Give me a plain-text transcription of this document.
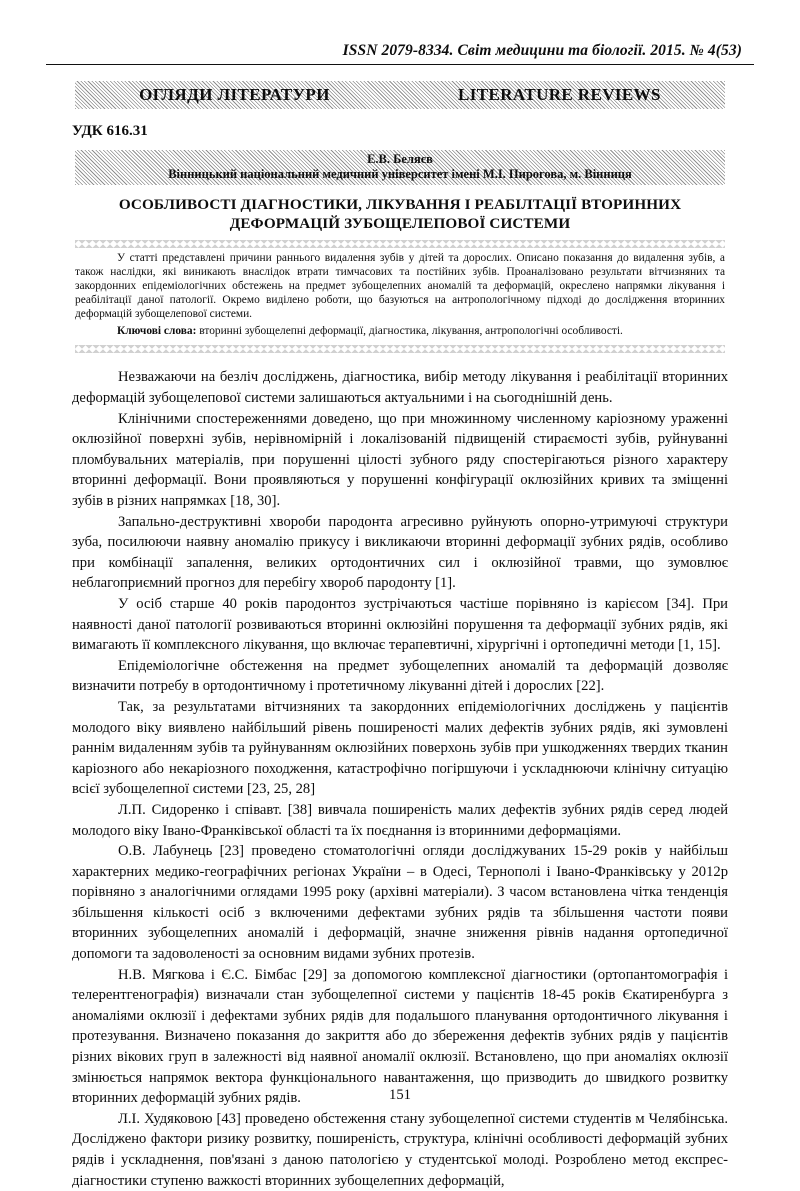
ISSN 2079-8334. Світ медицини та біології. 2015. № 4(53)
ОГЛЯДИ ЛІТЕРАТУРИ	LITERATURE REVIEWS
УДК 616.31
Е.В. Беляєв
Вінницький національний медичний університет імені М.І. Пирогова, м. Вінниця
ОСОБЛИВОСТІ ДІАГНОСТИКИ, ЛІКУВАННЯ І РЕАБІЛТАЦІЇ ВТОРИННИХ
ДЕФОРМАЦІЙ ЗУБОЩЕЛЕПОВОЇ СИСТЕМИ
У статті представлені причини раннього видалення зубів у дітей та дорослих. Описано показання до видалення зубів, а також наслідки, які виникають внаслідок втрати тимчасових та постійних зубів. Проаналізовано результати вітчизняних та закордонних епідеміологічних обстежень на предмет зубощелепних аномалій та деформацій, окреслено напрямки лікування і реабілітації даної патології. Окремо виділено роботи, що базуються на антропологічному підході до дослідження вторинних деформацій зубощелепової системи.
Ключові слова: вторинні зубощелепні деформації, діагностика, лікування, антропологічні особливості.

Незважаючи на безліч досліджень, діагностика, вибір методу лікування і реабілітації вторинних деформацій зубощелепової системи залишаються актуальними і на сьогоднішній день.

Клінічними спостереженнями доведено, що при множинному численному каріозному ураженні оклюзійної поверхні зубів, нерівномірній і локалізованій підвищеній стираємості зубів, руйнуванні пломбувальних матеріалів, при порушенні цілості зубного ряду спостерігаються різного характеру вторинні деформації. Вони проявляються у порушенні конфігурації оклюзійних кривих та зміщенні зубів в різних напрямках [18, 30].

Запально-деструктивні хвороби пародонта агресивно руйнують опорно-утримуючі структури зуба, посилюючи наявну аномалію прикусу і викликаючи вторинні деформації зубних рядів, особливо при комбінації запалення, великих ортодонтичних сил і оклюзійної травми, що зумовлює неблагоприємний прогноз для перебігу хвороб пародонту [1].

У осіб старше 40 років пародонтоз зустрічаються частіше порівняно із карієсом [34]. При наявності даної патології розвиваються вторинні оклюзійні порушення та деформації зубних рядів, які вимагають її комплексного лікування, що включає терапевтичні, хірургічні і ортопедичні методи [1, 15].

Епідеміологічне обстеження на предмет зубощелепних аномалій та деформацій дозволяє визначити потребу в ортодонтичному і протетичному лікуванні дітей і дорослих [22].

Так, за результатами вітчизняних та закордонних епідеміологічних досліджень у пацієнтів молодого віку виявлено найбільший рівень поширеності малих дефектів зубних рядів, які зумовлені раннім видаленням зубів та руйнуванням оклюзійних поверхонь зубів при ушкодженнях твердих тканин каріозного або некаріозного походження, катастрофічно погіршуючи і ускладнюючи клінічну ситуацію всієї зубощелепної системи [23, 25, 28]

Л.П. Сидоренко і співавт. [38] вивчала поширеність малих дефектів зубних рядів серед людей молодого віку Івано-Франківської області та їх поєднання із вторинними деформаціями.

О.В. Лабунець [23] проведено стоматологічні огляди досліджуваних 15-29 років у найбільш характерних медико-географічних регіонах України – в Одесі, Тернополі і Івано-Франківську у 2012р порівняно з аналогічними оглядами 1995 року (архівні матеріали). З часом встановлена чітка тенденція збільшення кількості осіб з включеними дефектами зубних рядів та збільшення частоти появи вторинних зубощелепних аномалій і деформацій, значне зниження рівнів надання ортопедичної допомоги та задоволеності за основним видами зубних протезів.

Н.В. Мягкова і Є.С. Бімбас [29] за допомогою комплексної діагностики (ортопантомографія і телерентгенографія) визначали стан зубощелепної системи у пацієнтів 18-45 років Єкатиренбурга з аномаліями оклюзії і дефектами зубних рядів для подальшого планування ортодонтичного лікування і протезування. Визначено показання до закриття або до збереження дефектів зубних рядів у пацієнтів різних вікових груп в залежності від наявної аномалії оклюзії. Встановлено, що при аномаліях оклюзії змінюється напрямок вектора функціонального навантаження, що призводить до швидкого розвитку вторинних деформацій зубних рядів.

Л.І. Худяковою [43] проведено обстеження стану зубощелепної системи студентів м Челябінська. Досліджено фактори ризику розвитку, поширеність, структура, клінічні особливості деформацій зубних рядів і ускладнення, пов'язані з даною патологією у студентської молоді. Розроблено метод експрес-діагностики ступеню важкості вторинних зубощелепних деформацій,

151
